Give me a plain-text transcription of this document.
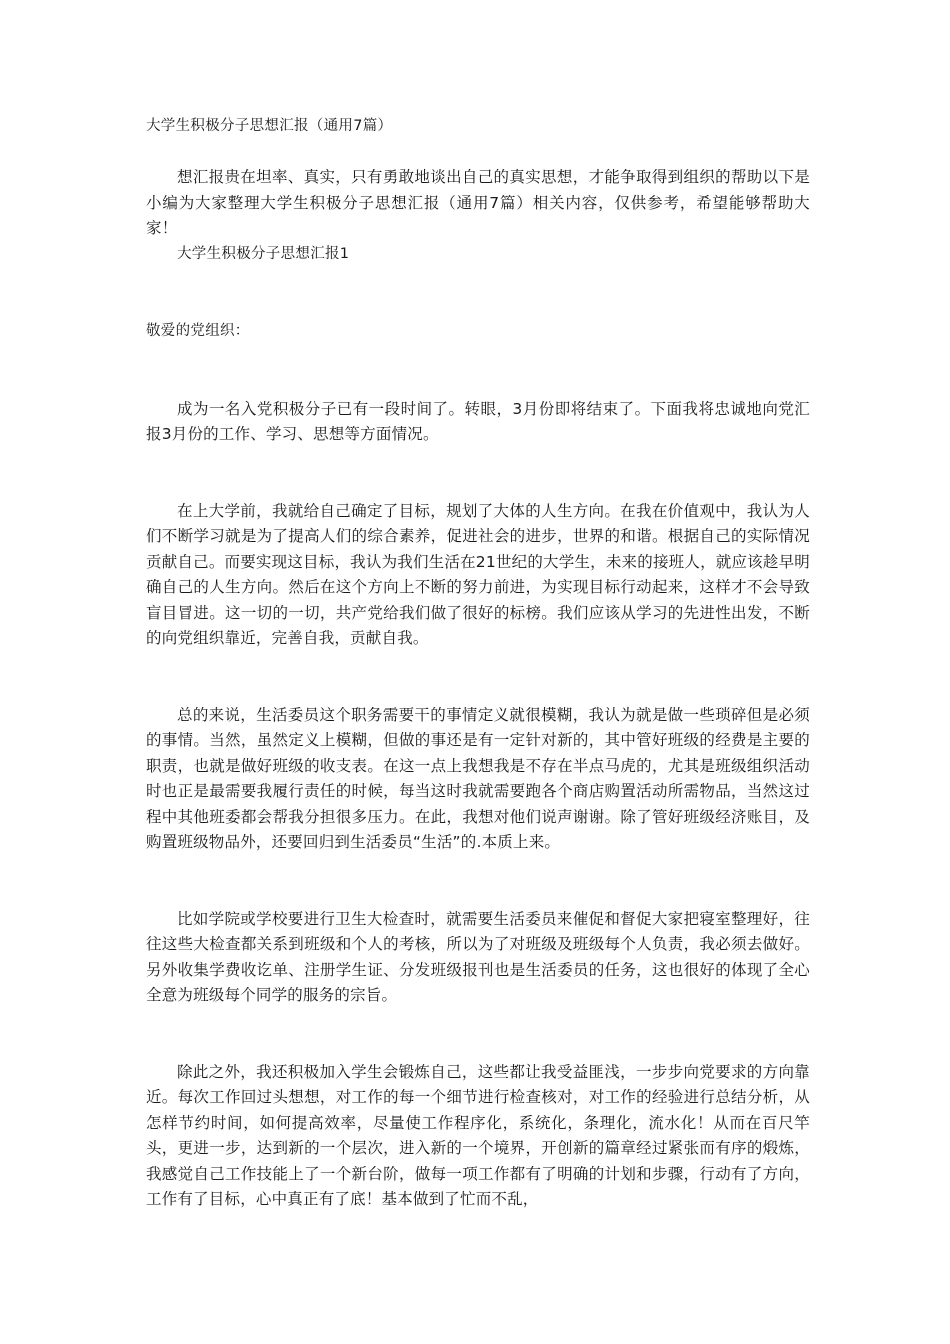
大学生积极分子思想汇报（通用7篇）

想汇报贵在坦率、真实，只有勇敢地谈出自己的真实思想，才能争取得到组织的帮助以下是小编为大家整理大学生积极分子思想汇报（通用7篇）相关内容，仅供参考，希望能够帮助大家！

大学生积极分子思想汇报1

敬爱的党组织：

成为一名入党积极分子已有一段时间了。转眼，3月份即将结束了。下面我将忠诚地向党汇报3月份的工作、学习、思想等方面情况。

在上大学前，我就给自己确定了目标，规划了大体的人生方向。在我在价值观中，我认为人们不断学习就是为了提高人们的综合素养，促进社会的进步，世界的和谐。根据自己的实际情况贡献自己。而要实现这目标，我认为我们生活在21世纪的大学生，未来的接班人，就应该趁早明确自己的人生方向。然后在这个方向上不断的努力前进，为实现目标行动起来，这样才不会导致盲目冒进。这一切的一切，共产党给我们做了很好的标榜。我们应该从学习的先进性出发，不断的向党组织靠近，完善自我，贡献自我。

总的来说，生活委员这个职务需要干的事情定义就很模糊，我认为就是做一些琐碎但是必须的事情。当然，虽然定义上模糊，但做的事还是有一定针对新的，其中管好班级的经费是主要的职责，也就是做好班级的收支表。在这一点上我想我是不存在半点马虎的，尤其是班级组织活动时也正是最需要我履行责任的时候，每当这时我就需要跑各个商店购置活动所需物品，当然这过程中其他班委都会帮我分担很多压力。在此，我想对他们说声谢谢。除了管好班级经济账目，及购置班级物品外，还要回归到生活委员“生活”的.本质上来。

比如学院或学校要进行卫生大检查时，就需要生活委员来催促和督促大家把寝室整理好，往往这些大检查都关系到班级和个人的考核，所以为了对班级及班级每个人负责，我必须去做好。另外收集学费收讫单、注册学生证、分发班级报刊也是生活委员的任务，这也很好的体现了全心全意为班级每个同学的服务的宗旨。

除此之外，我还积极加入学生会锻炼自己，这些都让我受益匪浅，一步步向党要求的方向靠近。每次工作回过头想想，对工作的每一个细节进行检查核对，对工作的经验进行总结分析，从怎样节约时间，如何提高效率，尽量使工作程序化，系统化，条理化，流水化！从而在百尺竿头，更进一步，达到新的一个层次，进入新的一个境界，开创新的篇章经过紧张而有序的煅炼，我感觉自己工作技能上了一个新台阶，做每一项工作都有了明确的计划和步骤，行动有了方向，工作有了目标，心中真正有了底！基本做到了忙而不乱，
